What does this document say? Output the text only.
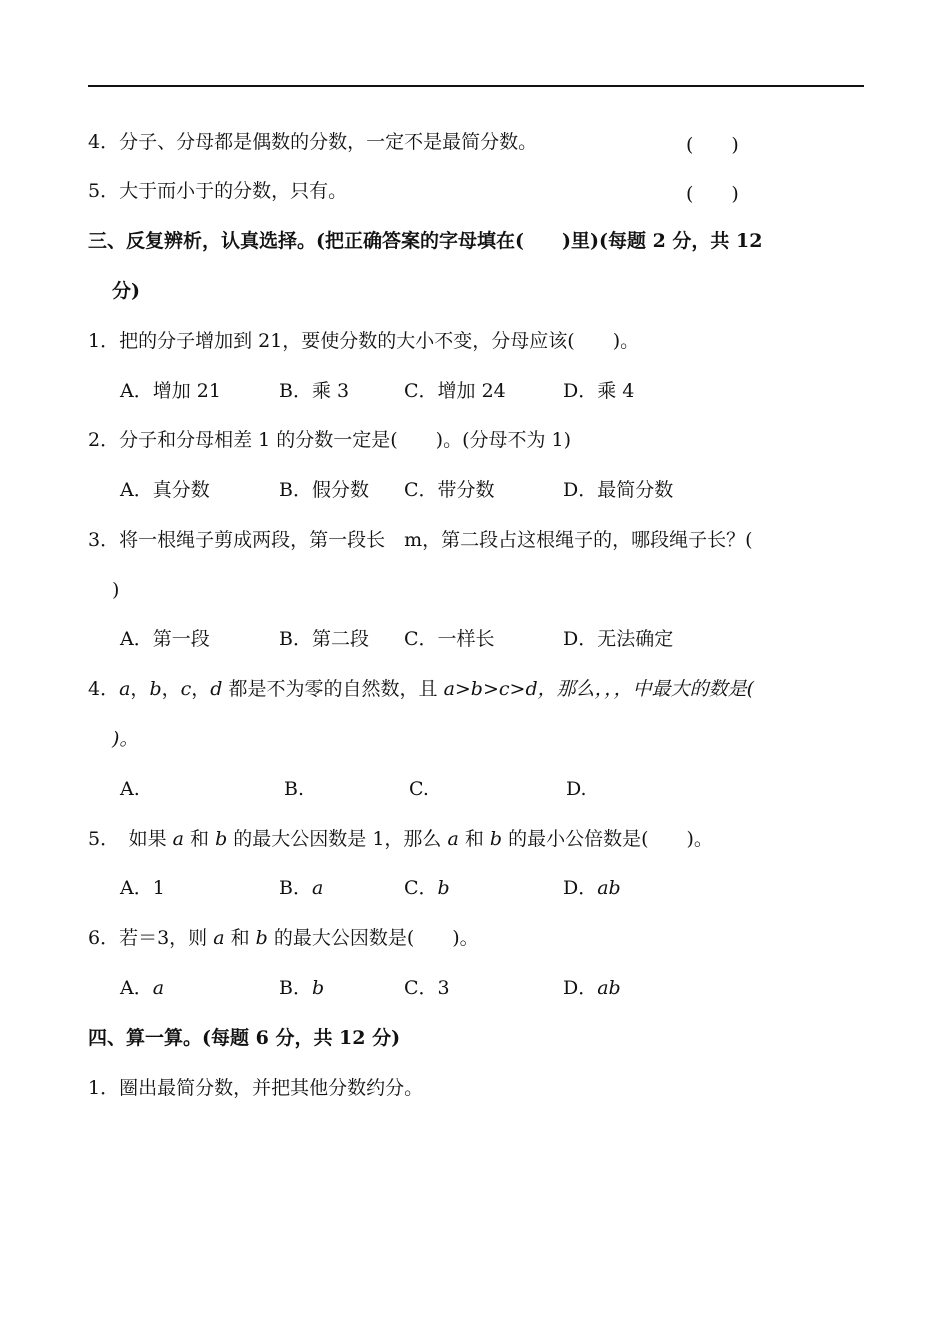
4．分子、分母都是偶数的分数，一定不是最简分数。	(　　)
5．大于而小于的分数，只有。	(　　)
三、反复辨析，认真选择。(把正确答案的字母填在(　　)里)(每题 2 分，共 12
分)
1．把的分子增加到 21，要使分数的大小不变，分母应该(　　)。
A．增加 21	B．乘 3	C．增加 24	D．乘 4
2．分子和分母相差 1 的分数一定是(　　)。(分母不为 1)
A．真分数	B．假分数 C．带分数	D．最简分数
3．将一根绳子剪成两段，第一段长　m，第二段占这根绳子的，哪段绳子长？(
)
A．第一段	B．第二段 C．一样长	D．无法确定
4．a，b，c，d 都是不为零的自然数，且 a>b>c>d，那么，，，中最大的数是(
)。
A.	B.	C.	D.
5．　如果 a 和 b 的最大公因数是 1，那么 a 和 b 的最小公倍数是(　　)。
A．1	B．a	C．b	D．ab
6．若＝3，则 a 和 b 的最大公因数是(　　)。
A．a	B．b	C．3	D．ab
四、算一算。(每题 6 分，共 12 分)
1．圈出最简分数，并把其他分数约分。
